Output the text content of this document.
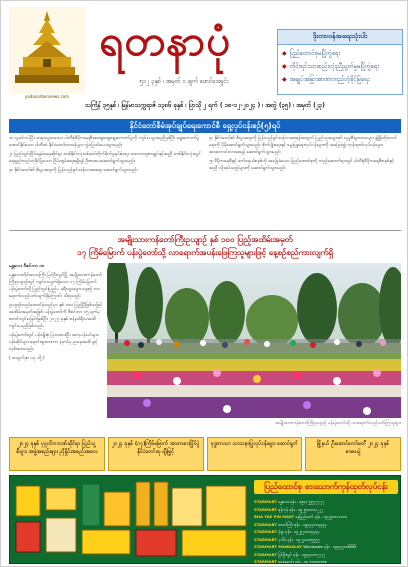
yadanarbonnews.com
ရတနာပုံ
၅၁၂ ၃နှစ် ၊ အမှတ် ၁ ဖျက် ဖောင်ဒေးရှင်း
ဒိုးတာဝန်အရေးသုံးပါး
◆ ပြည်ထောင်စုမပြိုကွဲရေး
◆ တိုင်းရင်းသားစည်းလုံးညီညွတ်မှုမပြိုကွဲရေး
◆ အချုပ်အခြာအာဏာတည်တံ့ခိုင်မြဲရေး
သင်္ကြန် ၃၅နှစ် ၊ မြန်မာသက္ကရာဇ် ၁၃၈၆ ခုနှစ် ၊ ပြာသို ၂ ရက် ( ၁၈-၁၂-၂၀၂၄ ) ၊ အတွဲ (၃၅) ၊ အမှတ် (၂၃)
နိုင်ငံတော်စီမံအုပ်ချုပ်ရေးကောင်စီ ရှေ့လုပ်ငန်းစဉ်(၅)ရပ်

၁။ လွတ်လပ်ပြီး တရားမျှတသော ပါတီစုံဒီမိုကရေစီအထွေထွေရွေးကောက်ပွဲကို ကျင်းပသွားမည်ဖြစ်ပြီး ရွေးကောက်ပွဲအောင်နိုင်သော ပါတီထံ နိုင်ငံတော်တာဝန်များ လွှဲပြောင်းပေးသွားမည်။

၂။ ပြည်တွင်းငြိမ်းချမ်းရေးဆိုင်ရာ တစ်နိုင်ငံလုံးပစ်ခတ်တိုက်ခိုက်မှုရပ်စဲရေး သဘောတူစာချုပ်နှင့်အညီ တစ်နိုင်ငံလုံးတွင် ရေရှည်တည်တံ့ခိုင်မြဲသော ငြိမ်းချမ်းရေးရရှိရန် ဦးစားပေးဆောင်ရွက်သွားမည်။

၃။ နိုင်ငံတော်၏ စီးပွားရေးကို ပြန်လည်ရှင်သန်လာစေရေး ဆောင်ရွက်သွားမည်။

၄။ နိုင်ငံတော်၏ စီးပွားရေးကို ပြန်လည်ရှင်သန်လာစေရန်အတွက် ပြည်သူအများ၏ လူမှုစီးပွားဘဝများ ဖွံ့ဖြိုးတိုးတက်ရေးကို ပိုမိုဆောင်ရွက်သွားမည်။ စိုက်ပျိုးရေးနှင့် မွေးမြူရေးလုပ်ငန်းများကို အခြေခံ၍ ကုန်ထုတ်လုပ်ငန်းများ အားကောင်းလာစေရန် ဆောင်ရွက်သွားမည်။

၅။ ဒီမိုကရေစီနှင့် ဖက်ဒရယ်စနစ်ကို အခြေခံသော ပြည်ထောင်စုကို တည်ဆောက်ရာတွင် ပါတီစုံဒီမိုကရေစီစနစ်နှင့်အညီ လိုအပ်သည်များကို ဆောင်ရွက်သွားမည်။

အမျိုးသားကန်တော်ကြီးဥယျာဉ် နှစ် ၁၀၀ ပြည့်အထိမ်းအမှတ်
၁၇ ကြိမ်မြောက် ပန်းပွဲတော်သို့ လာရောက်အပန်းဖြေကြသူများဖြင့် နေ့စဉ်စည်ကားလျက်ရှိ

မန္တလေး ဒီဇင်ဘာ ၁၈

မန္တလေးတိုင်းဒေသကြီး ပြင်ဦးလွင်မြို့ အမျိုးသားကန်တော်ကြီးဥယျာဉ်တွင် ကျင်းပလျက်ရှိသော ၁၇ ကြိမ်မြောက် ပန်းပွဲတော်သို့ ပြည်တွင်းပြည်ပ ခရီးသွားများ နေ့စဉ် လာရောက်လည်ပတ်လျက်ရှိကြောင်း သိရသည်။

ဥယျာဉ်တည်ထောင်ခဲ့သည်မှာ နှစ် ၁၀၀ ပြည့်ပြီဖြစ်သဖြင့် အထိမ်းအမှတ်အဖြစ် ပန်းပွဲတော်ကို ဒီဇင်ဘာ ၁၅ ရက်မှ စတင်ကျင်းပခြင်းဖြစ်ပြီး ၂၀၂၅ ခုနှစ် ဇန်နဝါရီလအထိ ကျင်းပမည်ဖြစ်သည်။

ပန်းပွဲတော်တွင် ပန်းမျိုးစုံ ပြသထားပြီး အလှပန်းပင်များ၊ ပန်းဆိုင်များ ရောင်းချထားကာ နံနက်မှ ညနေအထိ ဖွင့်လှစ်ထားသည်။

( စာမျက်နှာ ၁၃ သို့ )

အမျိုးသားကန်တော်ကြီးဥယျာဉ် ပန်းပွဲတော်သို့ လာရောက်လည်ပတ်ကြသူများ
၂၀၂၄ ခုနှစ် ပုဂ္ဂလိကဘဏ်ဆိုင်ရာ ပြည်သူ့စီးပွား အဖွဲ့အစည်းများ ညှိနှိုင်းအစည်းအဝေး
၂၀၂၄ ခုနှစ် (၁၇)ကြိမ်မြောက် အားကစားပြိုင်ပွဲ နိုင်ငံတော်ဆု ချီးမြှင့်
ဗုဒ္ဓဘာသာ သာသနာပြုလုပ်ငန်းများ ဆောင်ရွက်	မြို့နယ် ဦးဆောင်ကော်မတီ ၂၀၂၄ ခုနှစ် စာမေးပွဲ
ပြည်ထောင်စု စားသောက်ကုန်ထုတ်လုပ်ငန်း
STARMART မန္တလေး ဖုန်း - ၀၉၄၀၂၅၅၇၇၇၇၇
STARMART ရန်ကုန် ဖုန်း - ၀၉၂၅၀၀၀၁၁၂၂၂
BHA YAE PIN MART နေပြည်တော် ဖုန်း - ၀၉၇၉၀၀၁၁၁၀၀
STARMART တောင်ကြီး ဖုန်း - ၀၉၄၄၄၀၀၃၃၃၃
STARMART မုံရွာ ဖုန်း - ၀၉၂၅၇၀၀၀၄၄၄၄
STARMART ပုသိမ် ဖုန်း - ၀၉၂၇၀၀၀၅၅၅၅
STARMART MANDALAY Wholesale ဖုန်း - ၀၉၄၄၅၀၀၆၆၆၆
STARMART ပြင်ဦးလွင် ဖုန်း - ၀၉၄၄၀၀၀၇၇၇၇
STARMART ရေနံချောင်း ဖုန်း - ၀၉၂၅၀၀၀၈၈၈၈
